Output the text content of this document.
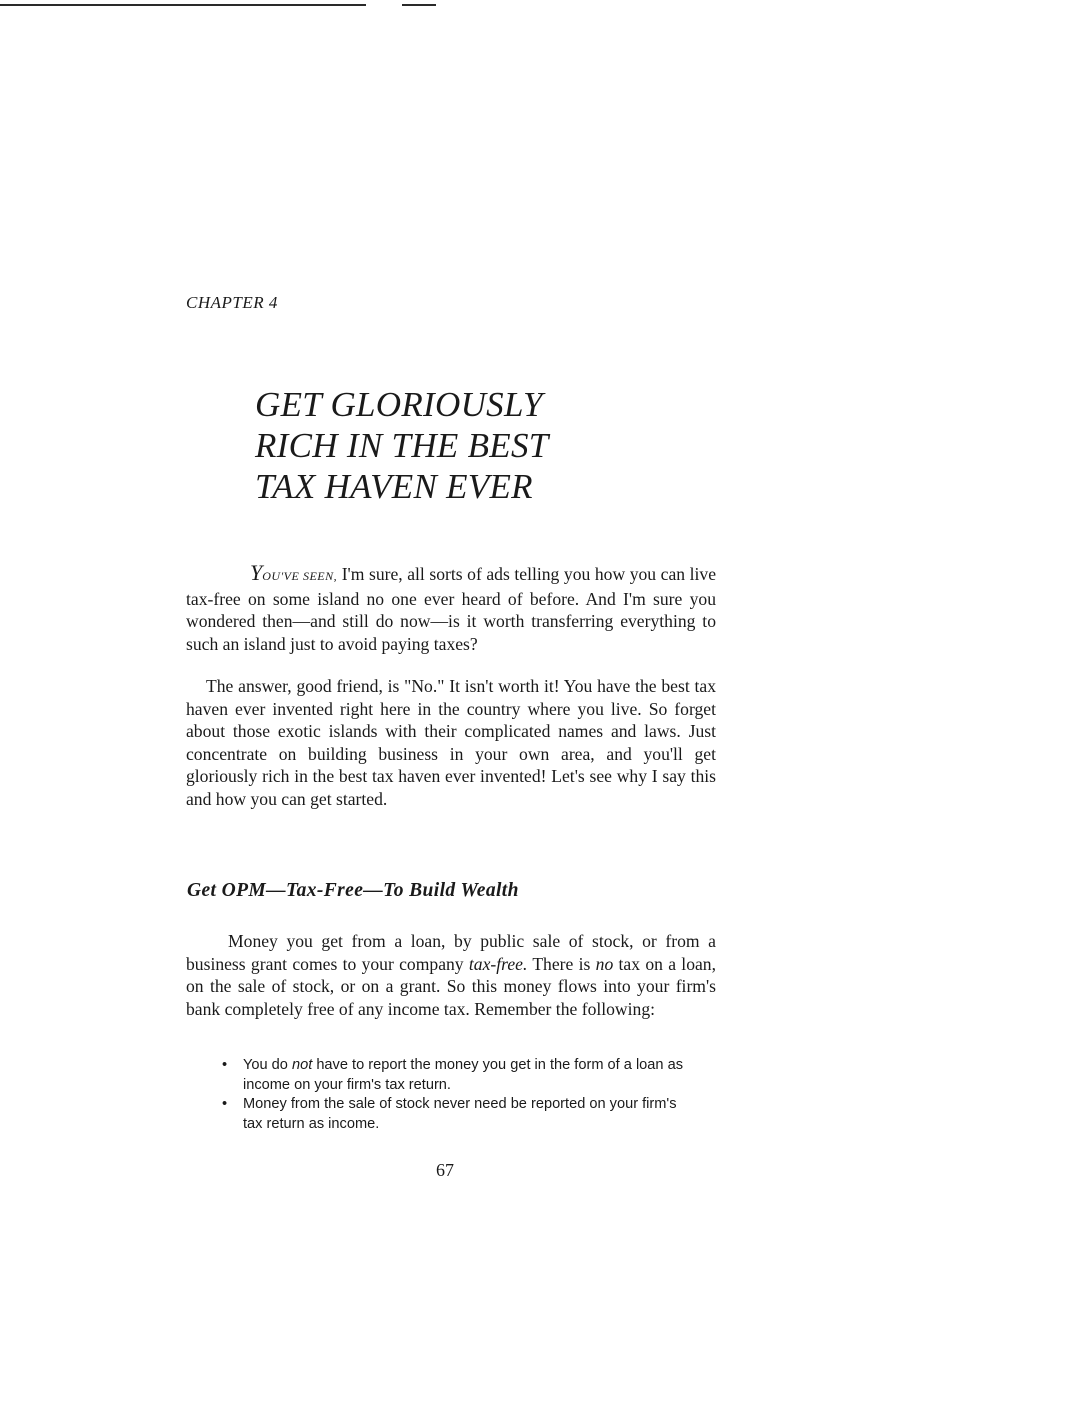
CHAPTER 4
GET GLORIOUSLY
RICH IN THE BEST
TAX HAVEN EVER

YOU'VE SEEN, I'm sure, all sorts of ads telling you how you can live tax-free on some island no one ever heard of before. And I'm sure you wondered then—and still do now—is it worth transferring everything to such an island just to avoid paying taxes?

The answer, good friend, is "No." It isn't worth it! You have the best tax haven ever invented right here in the country where you live. So forget about those exotic islands with their complicated names and laws. Just concentrate on building business in your own area, and you'll get gloriously rich in the best tax haven ever invented! Let's see why I say this and how you can get started.

Get OPM—Tax-Free—To Build Wealth

Money you get from a loan, by public sale of stock, or from a business grant comes to your company tax-free. There is no tax on a loan, on the sale of stock, or on a grant. So this money flows into your firm's bank completely free of any income tax. Remember the following:

• You do not have to report the money you get in the form of a loan as income on your firm's tax return.
• Money from the sale of stock never need be reported on your firm's tax return as income.
67
